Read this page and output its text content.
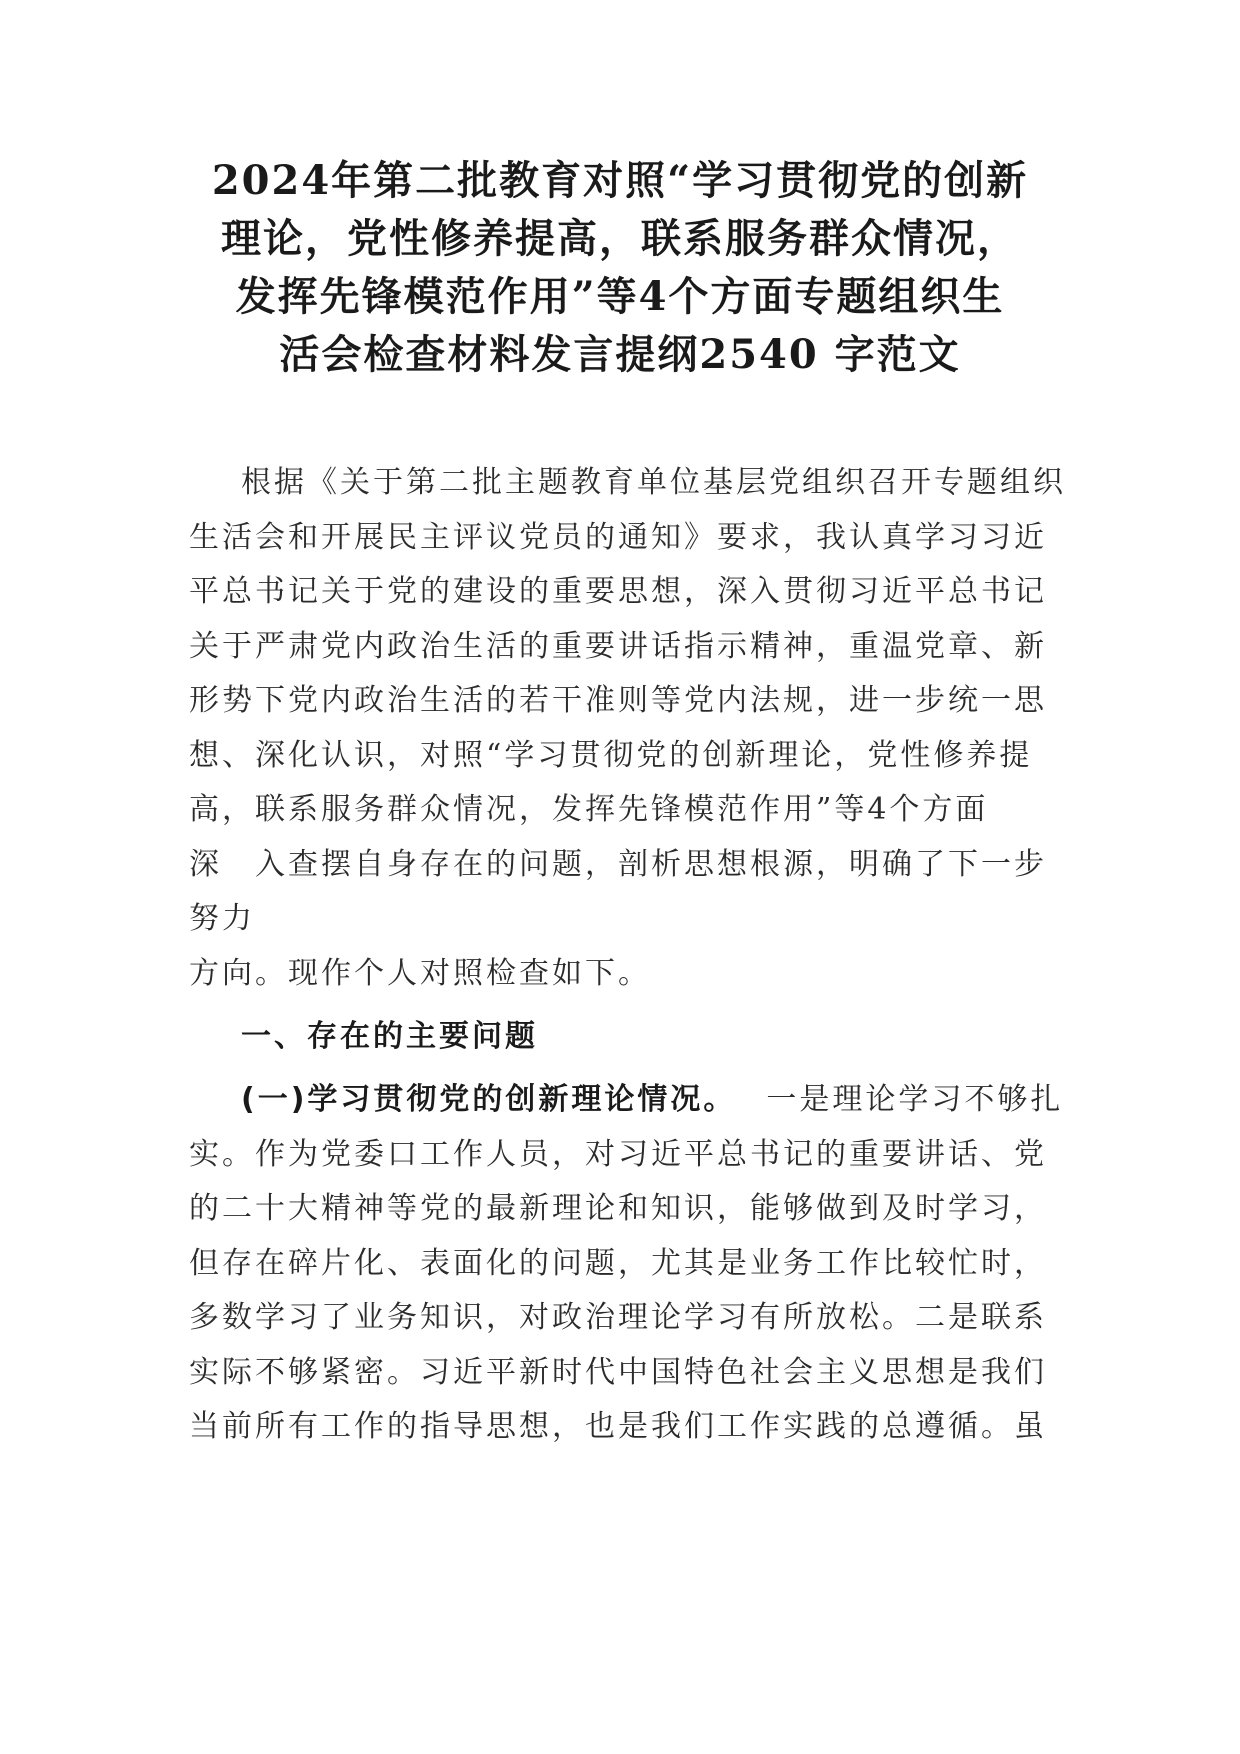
2024年第二批教育对照“学习贯彻党的创新
理论，党性修养提高，联系服务群众情况，
发挥先锋模范作用”等4个方面专题组织生
活会检查材料发言提纲2540 字范文
根据《关于第二批主题教育单位基层党组织召开专题组织
生活会和开展民主评议党员的通知》要求，我认真学习习近
平总书记关于党的建设的重要思想，深入贯彻习近平总书记
关于严肃党内政治生活的重要讲话指示精神，重温党章、新
形势下党内政治生活的若干准则等党内法规，进一步统一思
想、深化认识，对照“学习贯彻党的创新理论，党性修养提
高，联系服务群众情况，发挥先锋模范作用”等4个方面
深　入查摆自身存在的问题，剖析思想根源，明确了下一步
努力
方向。现作个人对照检查如下。
一、存在的主要问题
(一)学习贯彻党的创新理论情况。 一是理论学习不够扎
实。作为党委口工作人员，对习近平总书记的重要讲话、党
的二十大精神等党的最新理论和知识，能够做到及时学习，
但存在碎片化、表面化的问题，尤其是业务工作比较忙时，
多数学习了业务知识，对政治理论学习有所放松。二是联系
实际不够紧密。习近平新时代中国特色社会主义思想是我们
当前所有工作的指导思想，也是我们工作实践的总遵循。虽
